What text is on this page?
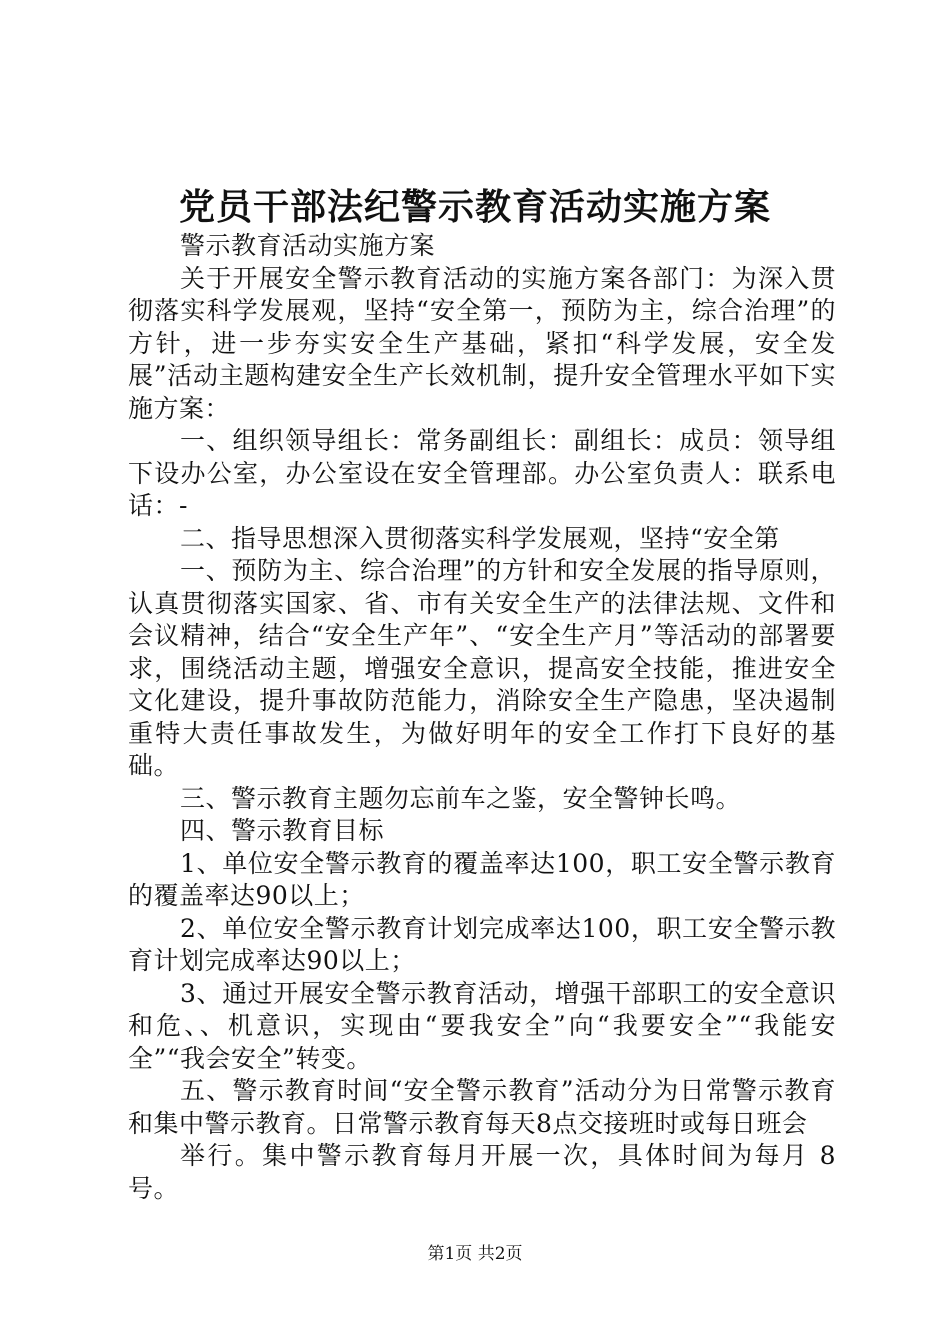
党员干部法纪警示教育活动实施方案

警示教育活动实施方案

关于开展安全警示教育活动的实施方案各部门：为深入贯彻落实科学发展观，坚持“安全第一，预防为主，综合治理”的方针，进一步夯实安全生产基础，紧扣“科学发展，安全发展”活动主题构建安全生产长效机制，提升安全管理水平如下实施方案：

一、组织领导组长：常务副组长：副组长：成员：领导组下设办公室，办公室设在安全管理部。办公室负责人：联系电话：-

二、指导思想深入贯彻落实科学发展观，坚持“安全第

一、预防为主、综合治理”的方针和安全发展的指导原则，认真贯彻落实国家、省、市有关安全生产的法律法规、文件和会议精神，结合“安全生产年”、“安全生产月”等活动的部署要求，围绕活动主题，增强安全意识，提高安全技能，推进安全文化建设，提升事故防范能力，消除安全生产隐患，坚决遏制重特大责任事故发生，为做好明年的安全工作打下良好的基础。

三、警示教育主题勿忘前车之鉴，安全警钟长鸣。

四、警示教育目标

1、单位安全警示教育的覆盖率达100，职工安全警示教育的覆盖率达90以上；

2、单位安全警示教育计划完成率达100，职工安全警示教育计划完成率达90以上；

3、通过开展安全警示教育活动，增强干部职工的安全意识和危、、机意识，实现由“要我安全”向“我要安全”“我能安全”“我会安全”转变。

五、警示教育时间“安全警示教育”活动分为日常警示教育和集中警示教育。日常警示教育每天8点交接班时或每日班会

举行。集中警示教育每月开展一次，具体时间为每月 8 号。

第1页 共2页
